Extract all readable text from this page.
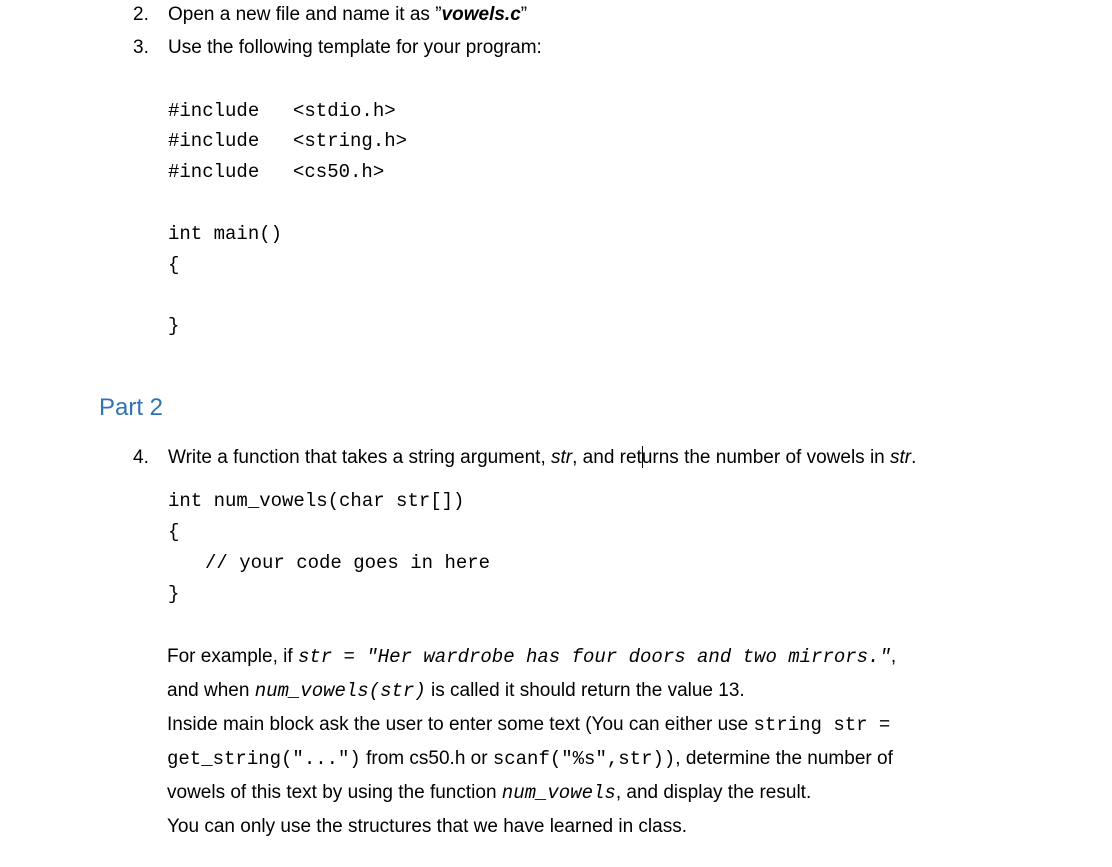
2. Open a new file and name it as ”vowels.c”
3. Use the following template for your program:
#include <stdio.h>
#include <string.h>
#include <cs50.h>
int main()
{
}
Part 2
4. Write a function that takes a string argument, str, and returns the number of vowels in str.
int num_vowels(char str[])
{
// your code goes in here
}
For example, if str = "Her wardrobe has four doors and two mirrors.",
and when num_vowels(str) is called it should return the value 13.
Inside main block ask the user to enter some text (You can either use string str =
get_string("...") from cs50.h or scanf("%s",str)), determine the number of
vowels of this text by using the function num_vowels, and display the result.
You can only use the structures that we have learned in class.
